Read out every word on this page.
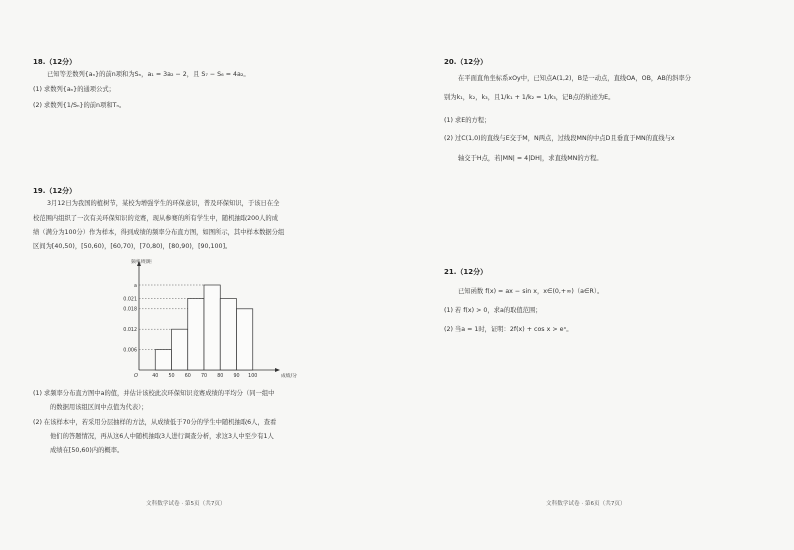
18.（12分）
已知等差数列{aₙ}的前n项和为Sₙ，a₁ = 3a₂ − 2，且 S₇ − S₆ = 4a₂。
(1) 求数列{aₙ}的通项公式；
(2) 求数列{1/Sₙ}的前n项和Tₙ。
19.（12分）
3月12日为我国的植树节，某校为增强学生的环保意识，普及环保知识，于该日在全
校范围内组织了一次有关环保知识的竞赛，现从参赛的所有学生中，随机抽取200人的成
绩（满分为100分）作为样本，得到成绩的频率分布直方图，如图所示，其中样本数据分组
区间为[40,50)，[50,60)，[60,70)，[70,80)，[80,90)，[90,100]。
0.006
0.012
0.018
0.021
a
40 50 60 70 80 90 100
O	成绩/分
频率/组距
(1) 求频率分布直方图中a的值，并估计该校此次环保知识竞赛成绩的平均分（同一组中
的数据用该组区间中点值为代表）；
(2) 在该样本中，若采用分层抽样的方法，从成绩低于70分的学生中随机抽取6人，查看
他们的答题情况，再从这6人中随机抽取3人进行调查分析，求这3人中至少有1人
成绩在[50,60)内的概率。
文科数学试卷 · 第5页（共7页）
20.（12分）
在平面直角坐标系xOy中，已知点A(1,2)，B是一动点，直线OA，OB，AB的斜率分
别为k₁，k₂，k₃，且1/k₁ + 1/k₂ = 1/k₃，记B点的轨迹为E。
(1) 求E的方程；
(2) 过C(1,0)的直线与E交于M，N两点，过线段MN的中点D且垂直于MN的直线与x
轴交于H点，若|MN| = 4|DH|，求直线MN的方程。
21.（12分）
已知函数 f(x) = ax − sin x，x∈(0,+∞)（a∈R）。
(1) 若 f(x) > 0，求a的取值范围；
(2) 当a = 1时，证明：2f(x) + cos x > eˣ。
文科数学试卷 · 第6页（共7页）
